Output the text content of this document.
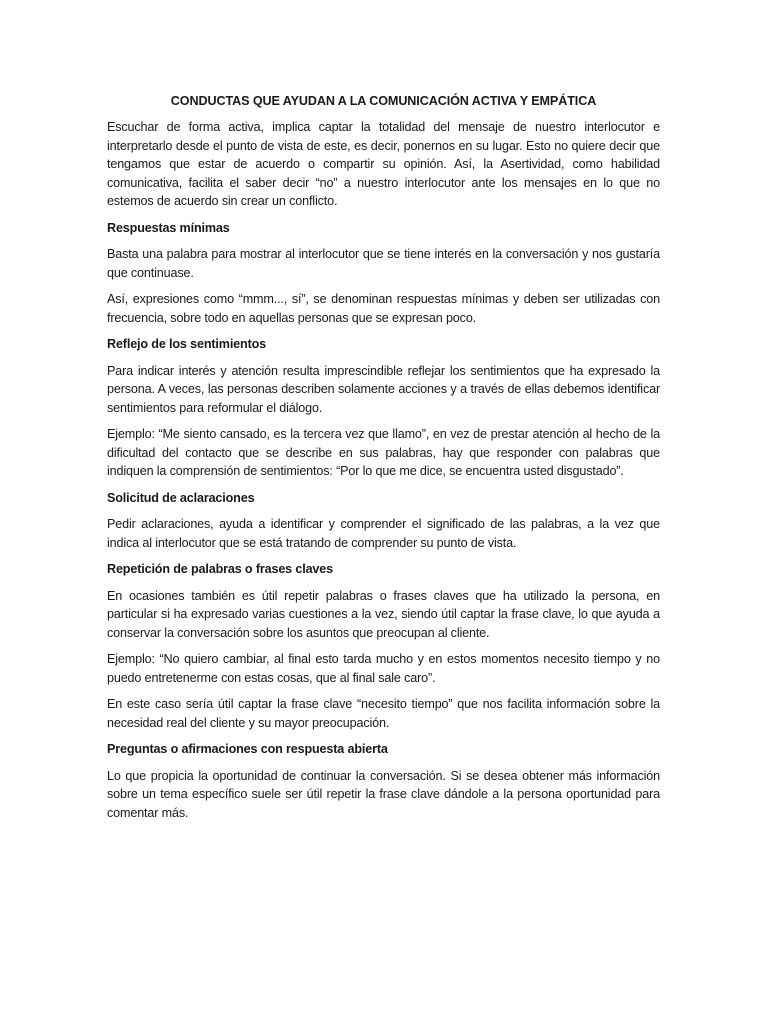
CONDUCTAS QUE AYUDAN A LA COMUNICACIÓN ACTIVA Y EMPÁTICA
Escuchar de forma activa, implica captar la totalidad del mensaje de nuestro interlocutor e interpretarlo desde el punto de vista de este, es decir, ponernos en su lugar. Esto no quiere decir que tengamos que estar de acuerdo o compartir su opinión. Así, la Asertividad, como habilidad comunicativa, facilita el saber decir “no” a nuestro interlocutor ante los mensajes en lo que no estemos de acuerdo sin crear un conflicto.
Respuestas mínimas
Basta una palabra para mostrar al interlocutor que se tiene interés en la conversación y nos gustaría que continuase.
Así, expresiones como “mmm..., sí”, se denominan respuestas mínimas y deben ser utilizadas con frecuencia, sobre todo en aquellas personas que se expresan poco.
Reflejo de los sentimientos
Para indicar interés y atención resulta imprescindible reflejar los sentimientos que ha expresado la persona. A veces, las personas describen solamente acciones y a través de ellas debemos identificar sentimientos para reformular el diálogo.
Ejemplo: “Me siento cansado, es la tercera vez que llamo”, en vez de prestar atención al hecho de la dificultad del contacto que se describe en sus palabras, hay que responder con palabras que indiquen la comprensión de sentimientos: “Por lo que me dice, se encuentra usted disgustado”.
Solicitud de aclaraciones
Pedir aclaraciones, ayuda a identificar y comprender el significado de las palabras, a la vez que indica al interlocutor que se está tratando de comprender su punto de vista.
Repetición de palabras o frases claves
En ocasiones también es útil repetir palabras o frases claves que ha utilizado la persona, en particular si ha expresado varias cuestiones a la vez, siendo útil captar la frase clave, lo que ayuda a conservar la conversación sobre los asuntos que preocupan al cliente.
Ejemplo: “No quiero cambiar, al final esto tarda mucho y en estos momentos necesito tiempo y no puedo entretenerme con estas cosas, que al final sale caro”.
En este caso sería útil captar la frase clave “necesito tiempo” que nos facilita información sobre la necesidad real del cliente y su mayor preocupación.
Preguntas o afirmaciones con respuesta abierta
Lo que propicia la oportunidad de continuar la conversación. Si se desea obtener más información sobre un tema específico suele ser útil repetir la frase clave dándole a la persona oportunidad para comentar más.
